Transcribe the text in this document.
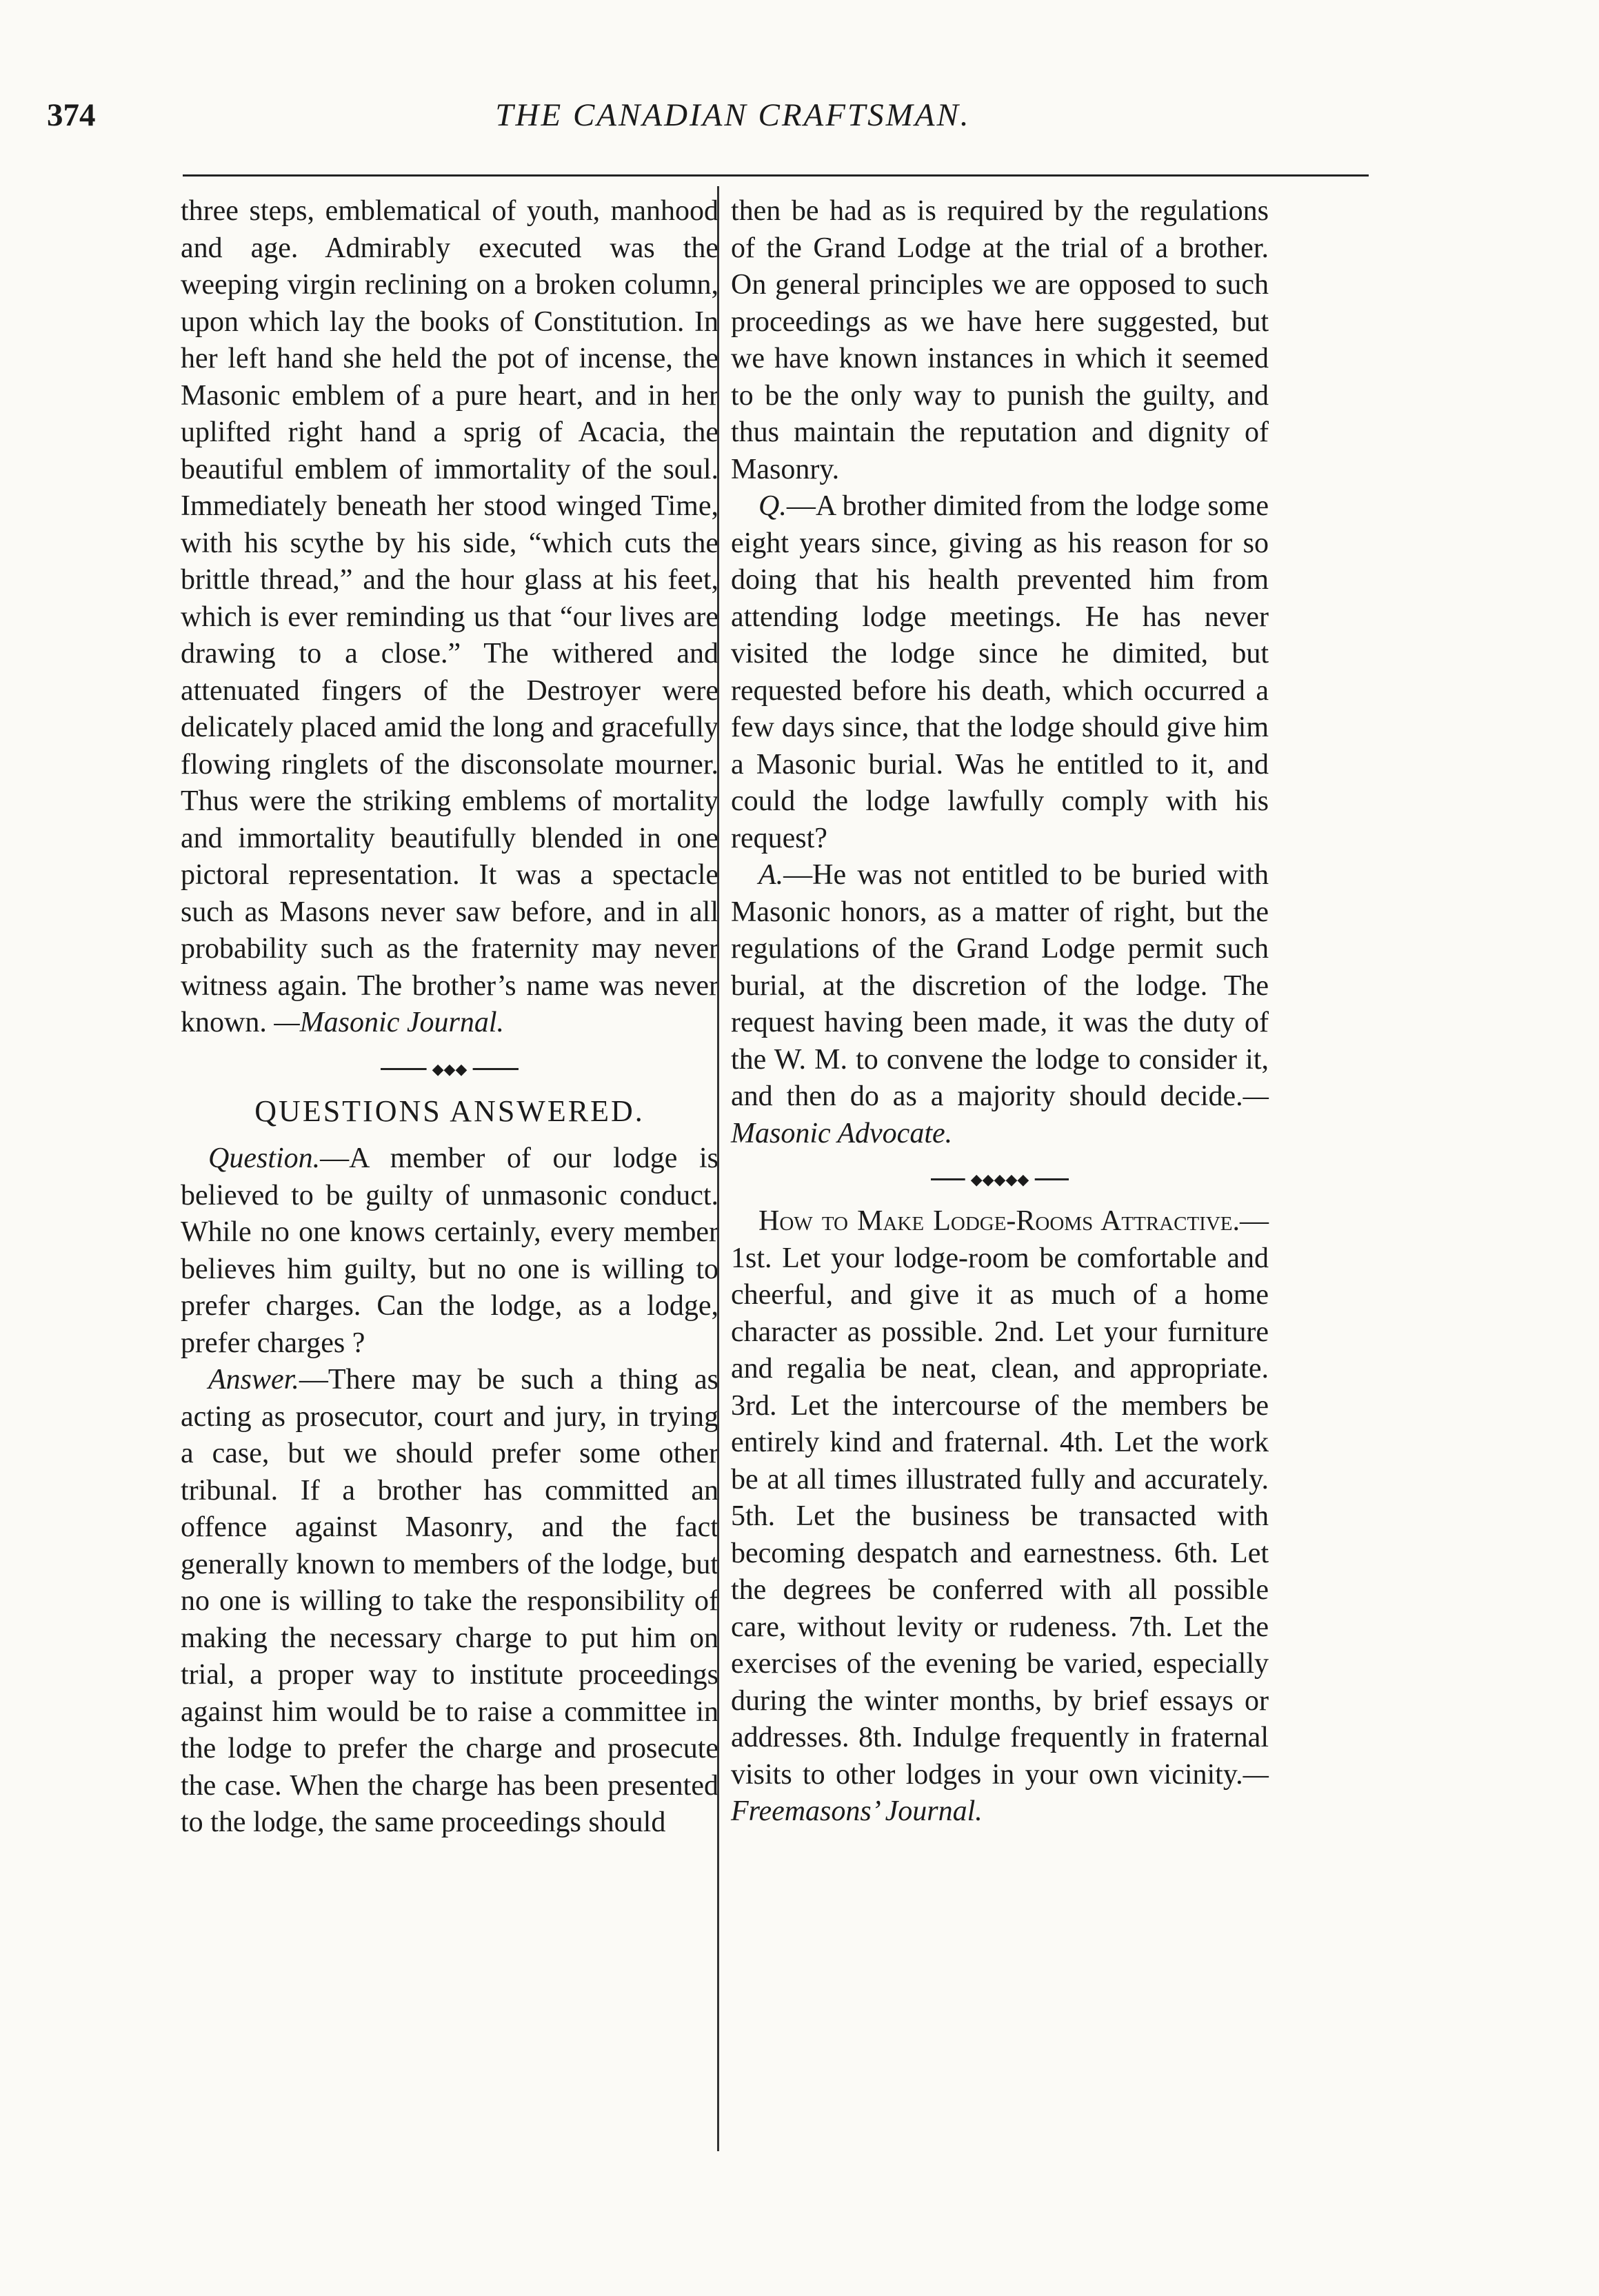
374	THE CANADIAN CRAFTSMAN.

three steps, emblematical of youth, manhood and age. Admirably executed was the weeping virgin reclining on a broken column, upon which lay the books of Constitution. In her left hand she held the pot of incense, the Masonic emblem of a pure heart, and in her uplifted right hand a sprig of Acacia, the beautiful emblem of immortality of the soul. Immediately beneath her stood winged Time, with his scythe by his side, “which cuts the brittle thread,” and the hour glass at his feet, which is ever reminding us that “our lives are drawing to a close.” The withered and attenuated fingers of the Destroyer were delicately placed amid the long and gracefully flowing ringlets of the disconsolate mourner. Thus were the striking emblems of mortality and immortality beautifully blended in one pictoral representation. It was a spectacle such as Masons never saw before, and in all probability such as the fraternity may never witness again. The brother’s name was never known. —Masonic Journal.

◆◆◆
QUESTIONS ANSWERED.

Question.—A member of our lodge is believed to be guilty of unmasonic conduct. While no one knows certainly, every member believes him guilty, but no one is willing to prefer charges. Can the lodge, as a lodge, prefer charges ?

Answer.—There may be such a thing as acting as prosecutor, court and jury, in trying a case, but we should prefer some other tribunal. If a brother has committed an offence against Masonry, and the fact generally known to members of the lodge, but no one is willing to take the responsibility of making the necessary charge to put him on trial, a proper way to institute proceedings against him would be to raise a committee in the lodge to prefer the charge and prosecute the case. When the charge has been presented to the lodge, the same proceedings should

then be had as is required by the regulations of the Grand Lodge at the trial of a brother. On general principles we are opposed to such proceedings as we have here suggested, but we have known instances in which it seemed to be the only way to punish the guilty, and thus maintain the reputation and dignity of Masonry.

Q.—A brother dimited from the lodge some eight years since, giving as his reason for so doing that his health prevented him from attending lodge meetings. He has never visited the lodge since he dimited, but requested before his death, which occurred a few days since, that the lodge should give him a Masonic burial. Was he entitled to it, and could the lodge lawfully comply with his request?

A.—He was not entitled to be buried with Masonic honors, as a matter of right, but the regulations of the Grand Lodge permit such burial, at the discretion of the lodge. The request having been made, it was the duty of the W. M. to convene the lodge to consider it, and then do as a majority should decide.—Masonic Advocate.

◆◆◆◆◆

How to Make Lodge-Rooms Attractive.—1st. Let your lodge-room be comfortable and cheerful, and give it as much of a home character as possible. 2nd. Let your furniture and regalia be neat, clean, and appropriate. 3rd. Let the intercourse of the members be entirely kind and fraternal. 4th. Let the work be at all times illustrated fully and accurately. 5th. Let the business be transacted with becoming despatch and earnestness. 6th. Let the degrees be conferred with all possible care, without levity or rudeness. 7th. Let the exercises of the evening be varied, especially during the winter months, by brief essays or addresses. 8th. Indulge frequently in fraternal visits to other lodges in your own vicinity.—Freemasons’ Journal.
